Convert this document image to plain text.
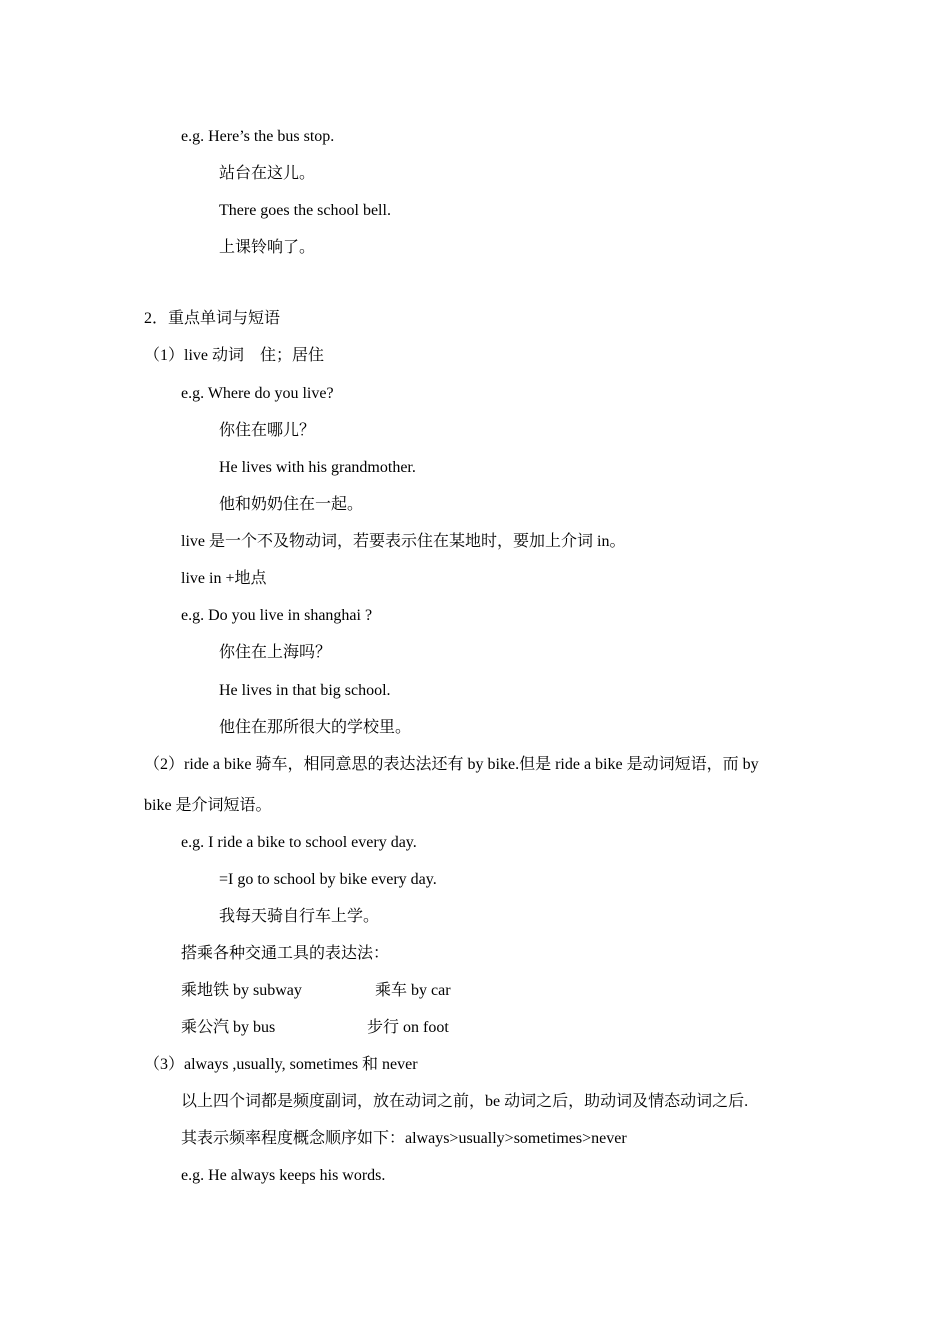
e.g. Here’s the bus stop.
站台在这儿。
There goes the school bell.
上课铃响了。
2．重点单词与短语
（1）live 动词　住；居住
e.g. Where do you live?
你住在哪儿？
He lives with his grandmother.
他和奶奶住在一起。
live 是一个不及物动词，若要表示住在某地时，要加上介词 in。
live in +地点
e.g. Do you live in shanghai ?
你住在上海吗？
He lives in that big school.
他住在那所很大的学校里。
（2）ride a bike 骑车，相同意思的表达法还有 by bike.但是 ride a bike 是动词短语，而 by
bike 是介词短语。
e.g. I ride a bike to school every day.
=I go to school by bike every day.
我每天骑自行车上学。
搭乘各种交通工具的表达法：
乘地铁 by subway	乘车 by car
乘公汽 by bus	步行 on foot
（3）always ,usually, sometimes 和 never
以上四个词都是频度副词，放在动词之前，be 动词之后，助动词及情态动词之后.
其表示频率程度概念顺序如下：always>usually>sometimes>never
e.g. He always keeps his words.
